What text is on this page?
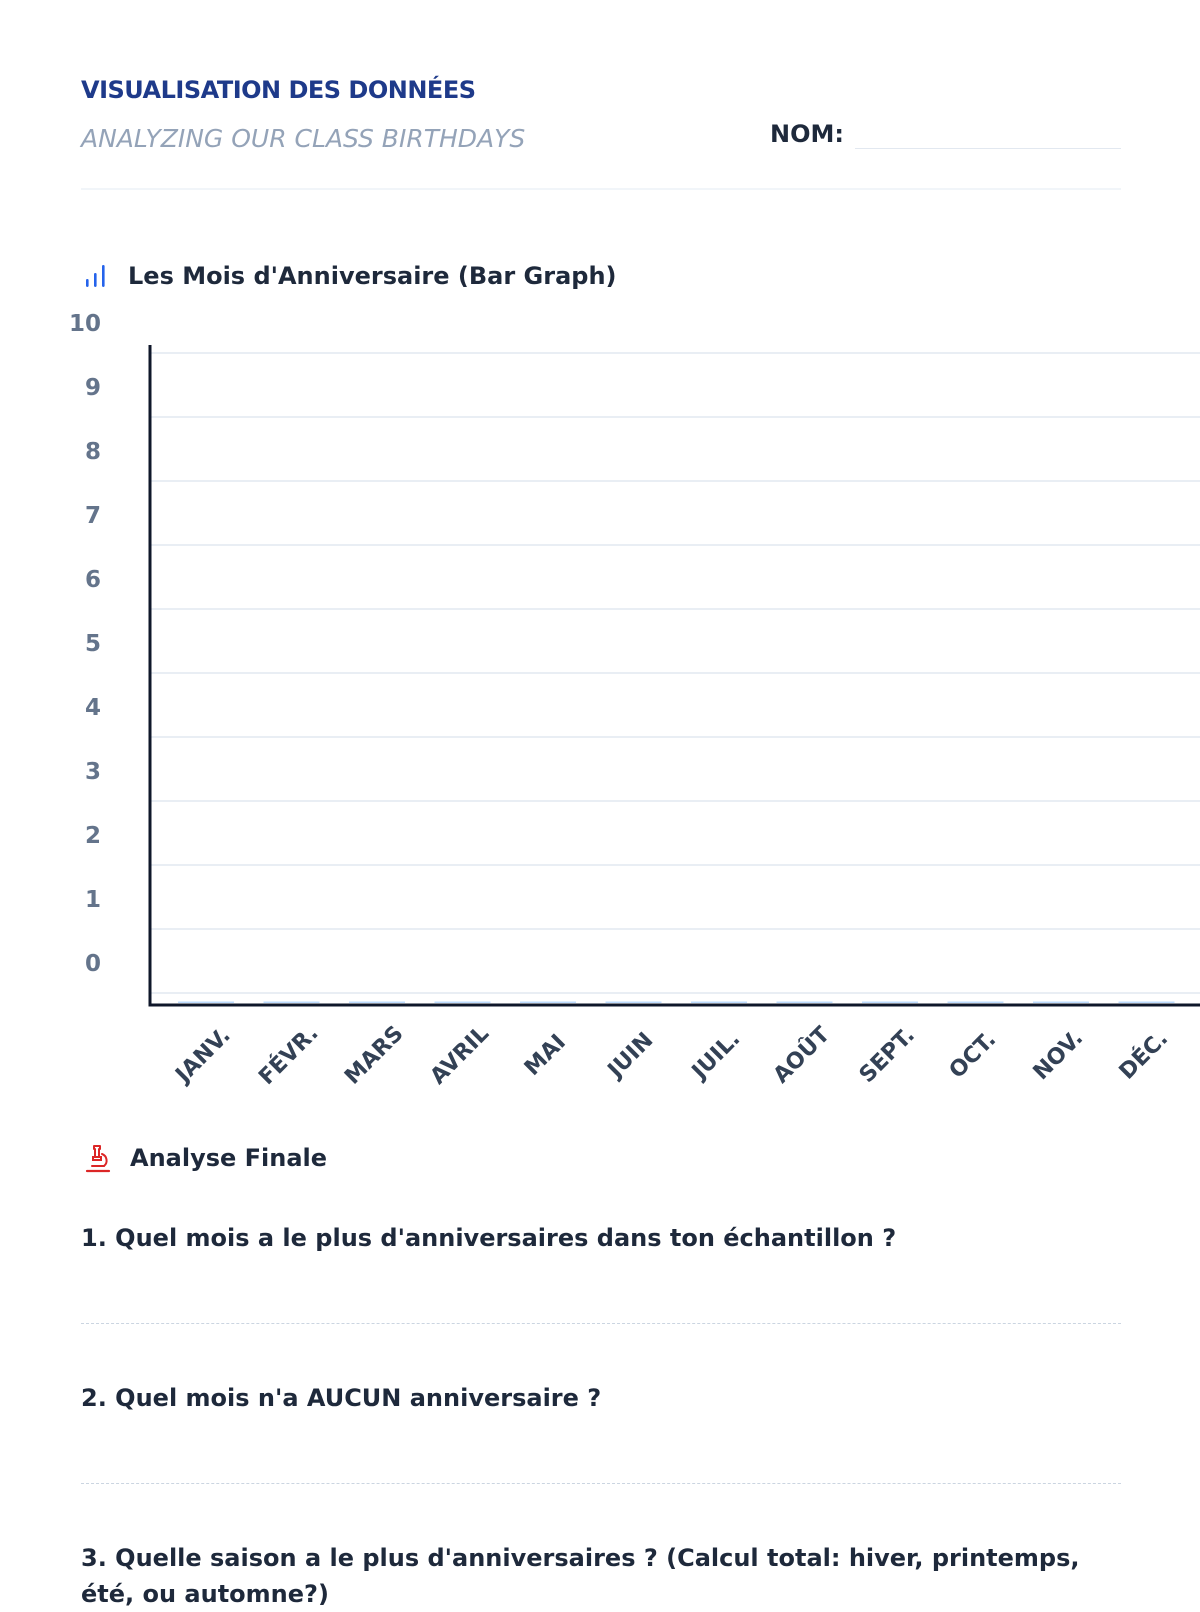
VISUALISATION DES DONNÉES
ANALYZING OUR CLASS BIRTHDAYS	NOM:
Les Mois d'Anniversaire (Bar Graph)
0
1
2
3
4
5
6
7
8
9
10
JANV. FÉVR. MARS AVRIL MAI JUIN JUIL. AOÛT SEPT. OCT. NOV. DÉC.
Analyse Finale
1. Quel mois a le plus d'anniversaires dans ton échantillon ?
2. Quel mois n'a AUCUN anniversaire ?
3. Quelle saison a le plus d'anniversaires ? (Calcul total: hiver, printemps, été, ou automne?)
